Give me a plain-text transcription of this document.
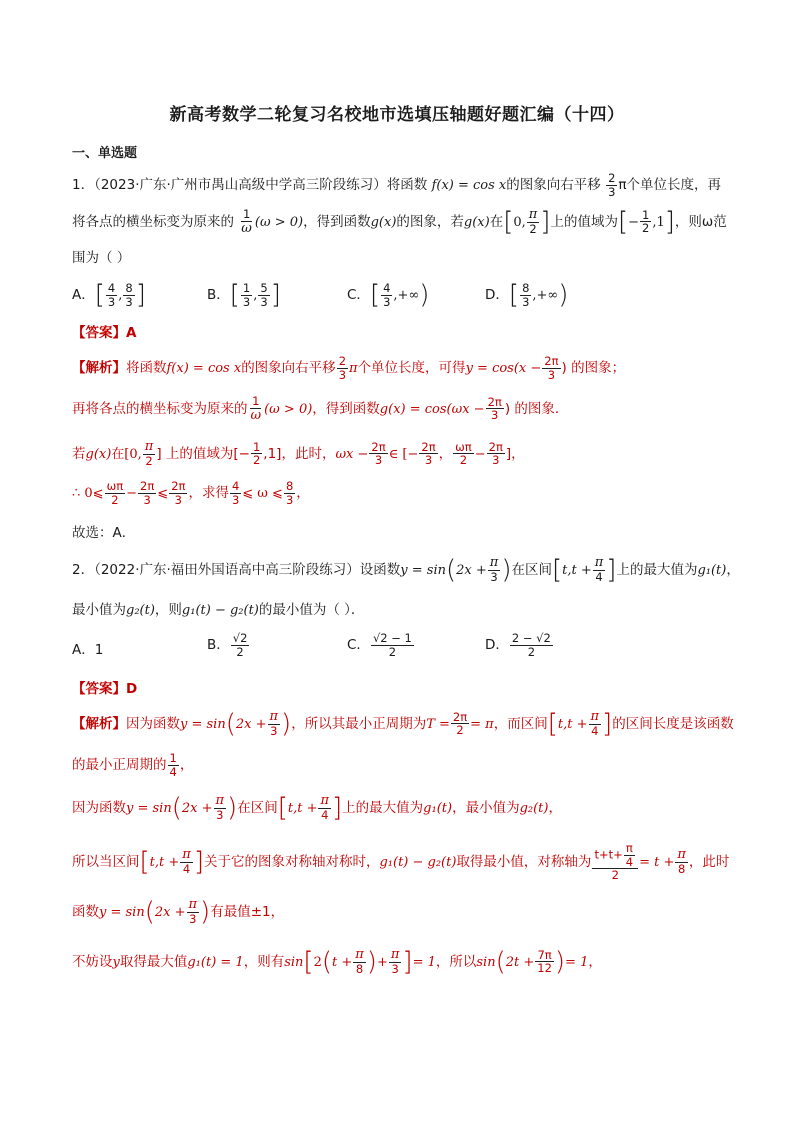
新高考数学二轮复习名校地市选填压轴题好题汇编（十四）
一、单选题
1．（2023·广东·广州市禺山高级中学高三阶段练习）将函数 f(x) = cos x的图象向右平移 $\frac{2}{3}$ π个单位长度，再
将各点的横坐标变为原来的 $\frac{1}{\omega} (\omega > 0)$，得到函数g(x)的图象，若g(x)在[0, $\frac{\pi}{2}$ ]上的值域为[− $\frac{1}{2} ,1$]，则ω范
围为（ ）
A．[ $\frac{4}{3}$ , $\frac{8}{3}$ ]	B．[ $\frac{1}{3}$ , $\frac{5}{3}$ ]	C．[ $\frac{4}{3}$ ,+∞)	D．[ $\frac{8}{3}$ ,+∞)
【答案】A
【解析】将函数f(x) = cos x的图象向右平移 $\frac{2}{3}$ π个单位长度，可得$y = \cos(x - \frac{2\pi}{3}$ ) 的图象；
再将各点的横坐标变为原来的 $\frac{1}{\omega} (\omega > 0)$，得到函数$g(x) = \cos(\omega x - \frac{2\pi}{3}$ ) 的图象．
若g(x)在[0, $\frac{\pi}{2}$ ] 上的值域为[− $\frac{1}{2} ,1$]，此时，$\omega x - \frac{2\pi}{3}$ ∈ [− $\frac{2\pi}{3}$ ， $\frac{\omega\pi}{2} - \frac{2\pi}{3}$ ]，
∴ 0⩽ $\frac{\omega\pi}{2} - \frac{2\pi}{3}$ ⩽ $\frac{2\pi}{3}$ ，求得 $\frac{4}{3}$ ⩽ ω ⩽ $\frac{8}{3}$ ，
故选：A．
2．（2022·广东·福田外国语高中高三阶段练习）设函数$y = \sin(2x + \frac{\pi}{3}$ )在区间[$t,t + \frac{\pi}{4}$ ]上的最大值为g₁(t)，
最小值为g₂(t)，则g₁(t) − g₂(t)的最小值为（ ）．
A．1	B． $\frac{√2}{2}$	C． $\frac{√2 - 1}{2}$	D． $\frac{2 - √2}{2}$
【答案】D
【解析】因为函数$y = \sin(2x + \frac{\pi}{3}$ )，所以其最小正周期为$T = \frac{2\pi}{2} = \pi$，而区间[$t,t + \frac{\pi}{4}$ ]的区间长度是该函数
的最小正周期的 $\frac{1}{4}$ ，
因为函数$y = \sin(2x + \frac{\pi}{3}$ )在区间[$t,t + \frac{\pi}{4}$ ]上的最大值为g₁(t)，最小值为g₂(t)，
所以当区间[$t,t + \frac{\pi}{4}$ ]关于它的图象对称轴对称时，g₁(t) − g₂(t)取得最小值，对称轴为 $\frac{t+t+ \frac{\pi}{4}}{2} = t + \frac{\pi}{8}$ ，此时
函数$y = \sin(2x + \frac{\pi}{3}$ )有最值±1，
不妨设y取得最大值g₁(t) = 1，则有$\sin[2(t + \frac{\pi}{8}$ )+ $\frac{\pi}{3}$ ]= 1，所以$\sin(2t + \frac{7\pi}{12}$ )= 1，
